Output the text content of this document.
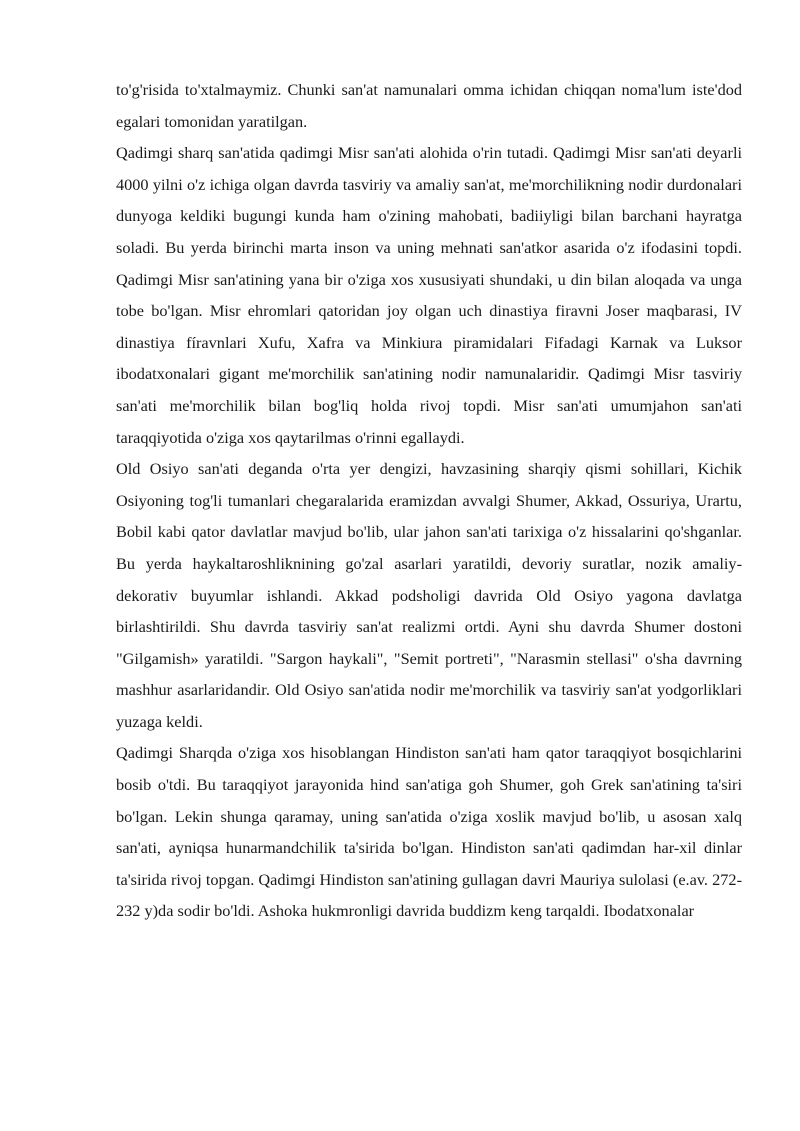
to'g'risida to'xtalmaymiz. Chunki san'at namunalari omma ichidan chiqqan noma'lum iste'dod egalari tomonidan yaratilgan.

Qadimgi sharq san'atida qadimgi Misr san'ati alohida o'rin tutadi. Qadimgi Misr san'ati deyarli 4000 yilni o'z ichiga olgan davrda tasviriy va amaliy san'at, me'morchilikning nodir durdonalari dunyoga keldiki bugungi kunda ham o'zining mahobati, badiiyligi bilan barchani hayratga soladi. Bu yerda birinchi marta inson va uning mehnati san'atkor asarida o'z ifodasini topdi. Qadimgi Misr san'atining yana bir o'ziga xos xususiyati shundaki, u din bilan aloqada va unga tobe bo'lgan. Misr ehromlari qatoridan joy olgan uch dinastiya firavni Joser maqbarasi, IV dinastiya fíravnlari Xufu, Xafra va Minkiura piramidalari Fifadagi Karnak va Luksor ibodatxonalari gigant me'morchilik san'atining nodir namunalaridir. Qadimgi Misr tasviriy san'ati me'morchilik bilan bog'liq holda rivoj topdi. Misr san'ati umumjahon san'ati taraqqiyotida o'ziga xos qaytarilmas o'rinni egallaydi.

Old Osiyo san'ati deganda o'rta yer dengizi, havzasining sharqiy qismi sohillari, Kichik Osiyoning tog'li tumanlari chegaralarida eramizdan avvalgi Shumer, Akkad, Ossuriya, Urartu, Bobil kabi qator davlatlar mavjud bo'lib, ular jahon san'ati tarixiga o'z hissalarini qo'shganlar. Bu yerda haykaltaroshliknining go'zal asarlari yaratildi, devoriy suratlar, nozik amaliy-dekorativ buyumlar ishlandi. Akkad podsholigi davrida Old Osiyo yagona davlatga birlashtirildi. Shu davrda tasviriy san'at realizmi ortdi. Ayni shu davrda Shumer dostoni "Gilgamish» yaratildi. "Sargon haykali", "Semit portreti", "Narasmin stellasi" o'sha davrning mashhur asarlaridandir. Old Osiyo san'atida nodir me'morchilik va tasviriy san'at yodgorliklari yuzaga keldi.

Qadimgi Sharqda o'ziga xos hisoblangan Hindiston san'ati ham qator taraqqiyot bosqichlarini bosib o'tdi. Bu taraqqiyot jarayonida hind san'atiga goh Shumer, goh Grek san'atining ta'siri bo'lgan. Lekin shunga qaramay, uning san'atida o'ziga xoslik mavjud bo'lib, u asosan xalq san'ati, ayniqsa hunarmandchilik ta'sirida bo'lgan. Hindiston san'ati qadimdan har-xil dinlar ta'sirida rivoj topgan. Qadimgi Hindiston san'atining gullagan davri Mauriya sulolasi (e.av. 272-232 y)da sodir bo'ldi. Ashoka hukmronligi davrida buddizm keng tarqaldi. Ibodatxonalar
